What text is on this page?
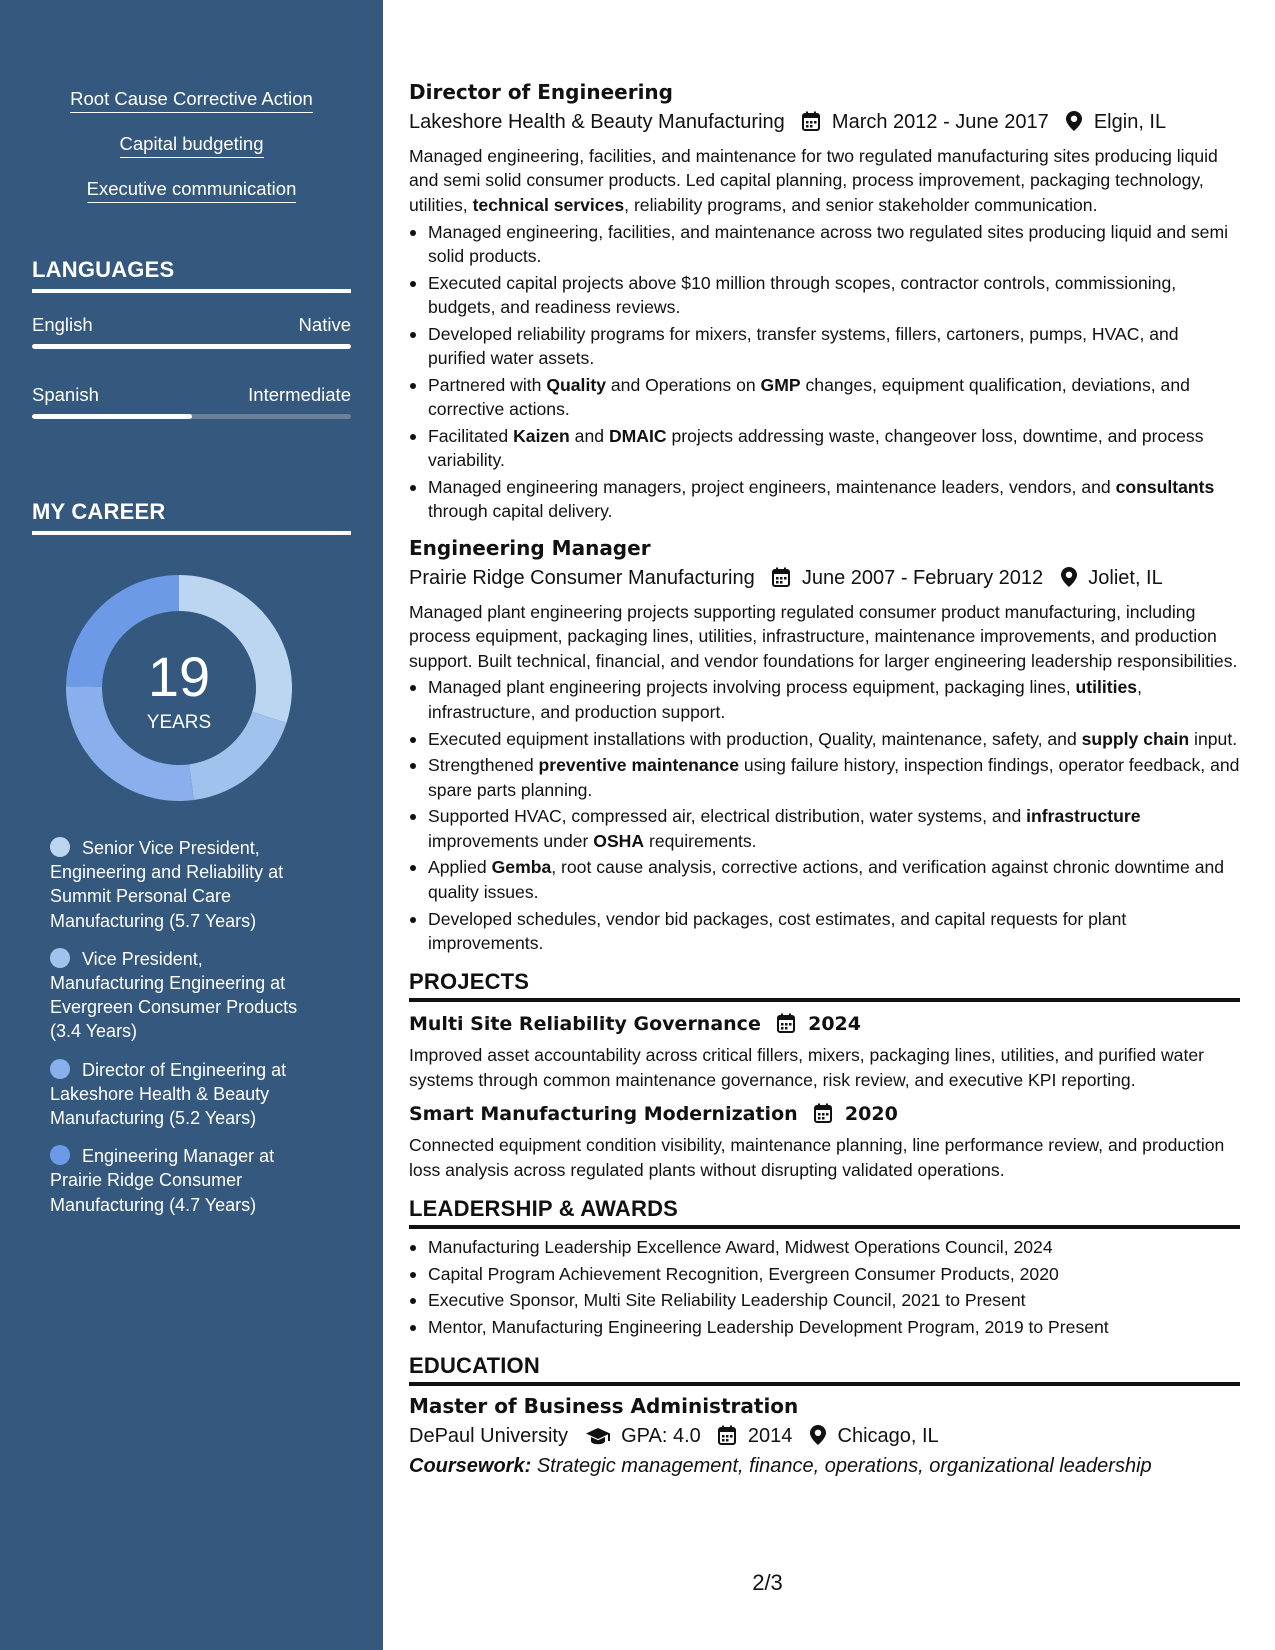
Root Cause Corrective Action
Capital budgeting
Executive communication
LANGUAGES
English	Native
Spanish	Intermediate
MY CAREER
19
YEARS
Senior Vice President, Engineering and Reliability at Summit Personal Care Manufacturing (5.7 Years)
Vice President, Manufacturing Engineering at Evergreen Consumer Products (3.4 Years)
Director of Engineering at Lakeshore Health & Beauty Manufacturing (5.2 Years)
Engineering Manager at Prairie Ridge Consumer Manufacturing (4.7 Years)
Director of Engineering
Lakeshore Health & Beauty Manufacturing March 2012 - June 2017 Elgin, IL
Managed engineering, facilities, and maintenance for two regulated manufacturing sites producing liquid and semi solid consumer products. Led capital planning, process improvement, packaging technology, utilities, technical services, reliability programs, and senior stakeholder communication.
Managed engineering, facilities, and maintenance across two regulated sites producing liquid and semi solid products.
Executed capital projects above $10 million through scopes, contractor controls, commissioning, budgets, and readiness reviews.
Developed reliability programs for mixers, transfer systems, fillers, cartoners, pumps, HVAC, and purified water assets.
Partnered with Quality and Operations on GMP changes, equipment qualification, deviations, and corrective actions.
Facilitated Kaizen and DMAIC projects addressing waste, changeover loss, downtime, and process variability.
Managed engineering managers, project engineers, maintenance leaders, vendors, and consultants through capital delivery.
Engineering Manager
Prairie Ridge Consumer Manufacturing June 2007 - February 2012 Joliet, IL
Managed plant engineering projects supporting regulated consumer product manufacturing, including process equipment, packaging lines, utilities, infrastructure, maintenance improvements, and production support. Built technical, financial, and vendor foundations for larger engineering leadership responsibilities.
Managed plant engineering projects involving process equipment, packaging lines, utilities, infrastructure, and production support.
Executed equipment installations with production, Quality, maintenance, safety, and supply chain input.
Strengthened preventive maintenance using failure history, inspection findings, operator feedback, and spare parts planning.
Supported HVAC, compressed air, electrical distribution, water systems, and infrastructure improvements under OSHA requirements.
Applied Gemba, root cause analysis, corrective actions, and verification against chronic downtime and quality issues.
Developed schedules, vendor bid packages, cost estimates, and capital requests for plant improvements.
PROJECTS
Multi Site Reliability Governance 2024
Improved asset accountability across critical fillers, mixers, packaging lines, utilities, and purified water systems through common maintenance governance, risk review, and executive KPI reporting.
Smart Manufacturing Modernization 2020
Connected equipment condition visibility, maintenance planning, line performance review, and production loss analysis across regulated plants without disrupting validated operations.
LEADERSHIP & AWARDS
Manufacturing Leadership Excellence Award, Midwest Operations Council, 2024
Capital Program Achievement Recognition, Evergreen Consumer Products, 2020
Executive Sponsor, Multi Site Reliability Leadership Council, 2021 to Present
Mentor, Manufacturing Engineering Leadership Development Program, 2019 to Present
EDUCATION
Master of Business Administration
DePaul University	GPA: 4.0 2014 Chicago, IL
Coursework: Strategic management, finance, operations, organizational leadership
2/3
